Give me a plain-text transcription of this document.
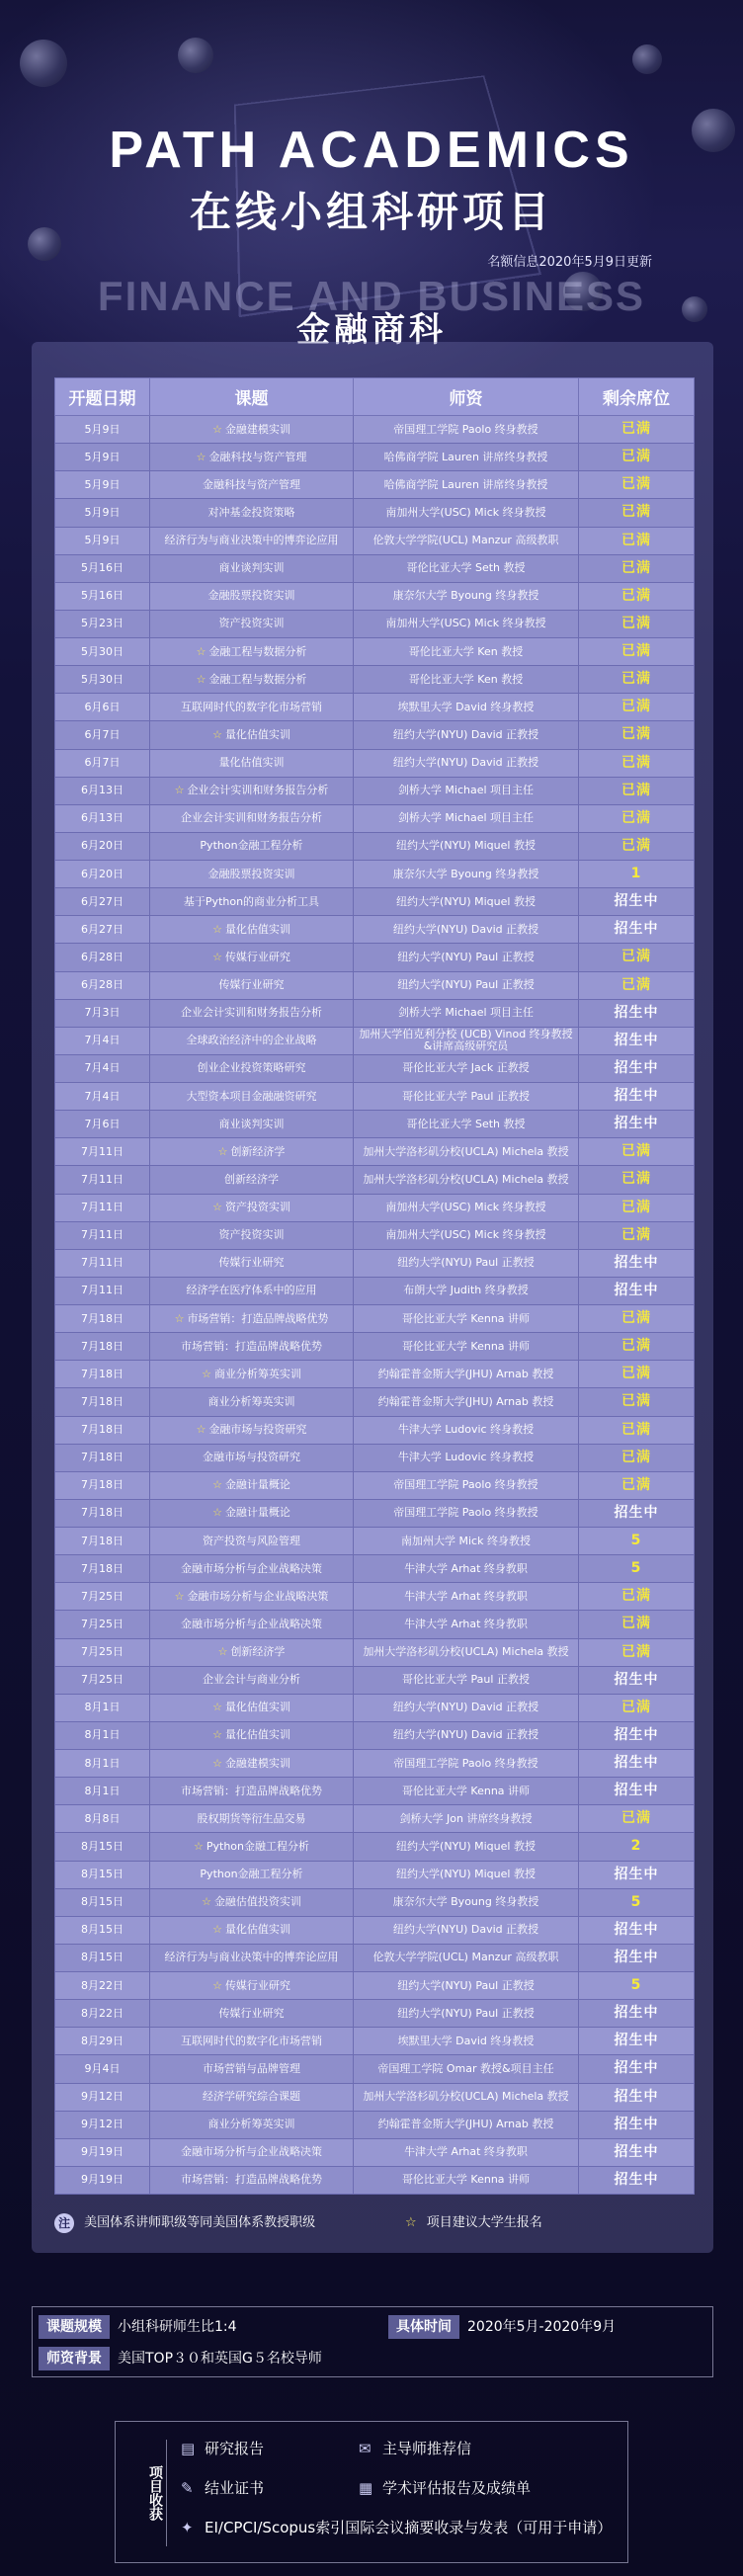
PATH ACADEMICS
在线小组科研项目
名额信息2020年5月9日更新
FINANCE AND BUSINESS
金融商科
开题日期	课题	师资	剩余席位
5月9日	☆ 金融建模实训	帝国理工学院 Paolo 终身教授	已满
5月9日	☆ 金融科技与资产管理	哈佛商学院 Lauren 讲席终身教授	已满
5月9日	金融科技与资产管理	哈佛商学院 Lauren 讲席终身教授	已满
5月9日	对冲基金投资策略	南加州大学(USC) Mick 终身教授	已满
5月9日	经济行为与商业决策中的博弈论应用	伦敦大学学院(UCL) Manzur 高级教职	已满
5月16日	商业谈判实训	哥伦比亚大学 Seth 教授	已满
5月16日	金融股票投资实训	康奈尔大学 Byoung 终身教授	已满
5月23日	资产投资实训	南加州大学(USC) Mick 终身教授	已满
5月30日	☆ 金融工程与数据分析	哥伦比亚大学 Ken 教授	已满
5月30日	☆ 金融工程与数据分析	哥伦比亚大学 Ken 教授	已满
6月6日	互联网时代的数字化市场营销	埃默里大学 David 终身教授	已满
6月7日	☆ 量化估值实训	纽约大学(NYU) David 正教授	已满
6月7日	量化估值实训	纽约大学(NYU) David 正教授	已满
6月13日	☆ 企业会计实训和财务报告分析	剑桥大学 Michael 项目主任	已满
6月13日	企业会计实训和财务报告分析	剑桥大学 Michael 项目主任	已满
6月20日	Python金融工程分析	纽约大学(NYU) Miquel 教授	已满
6月20日	金融股票投资实训	康奈尔大学 Byoung 终身教授	1
6月27日	基于Python的商业分析工具	纽约大学(NYU) Miquel 教授	招生中
6月27日	☆ 量化估值实训	纽约大学(NYU) David 正教授	招生中
6月28日	☆ 传媒行业研究	纽约大学(NYU) Paul 正教授	已满
6月28日	传媒行业研究	纽约大学(NYU) Paul 正教授	已满
7月3日	企业会计实训和财务报告分析	剑桥大学 Michael 项目主任	招生中
7月4日	全球政治经济中的企业战略	加州大学伯克利分校 (UCB) Vinod 终身教授&讲席高级研究员	招生中
7月4日	创业企业投资策略研究	哥伦比亚大学 Jack 正教授	招生中
7月4日	大型资本项目金融融资研究	哥伦比亚大学 Paul 正教授	招生中
7月6日	商业谈判实训	哥伦比亚大学 Seth 教授	招生中
7月11日	☆ 创新经济学	加州大学洛杉矶分校(UCLA) Michela 教授	已满
7月11日	创新经济学	加州大学洛杉矶分校(UCLA) Michela 教授	已满
7月11日	☆ 资产投资实训	南加州大学(USC) Mick 终身教授	已满
7月11日	资产投资实训	南加州大学(USC) Mick 终身教授	已满
7月11日	传媒行业研究	纽约大学(NYU) Paul 正教授	招生中
7月11日	经济学在医疗体系中的应用	布朗大学 Judith 终身教授	招生中
7月18日	☆ 市场营销：打造品牌战略优势	哥伦比亚大学 Kenna 讲师	已满
7月18日	市场营销：打造品牌战略优势	哥伦比亚大学 Kenna 讲师	已满
7月18日	☆ 商业分析筹英实训	约翰霍普金斯大学(JHU) Arnab 教授	已满
7月18日	商业分析筹英实训	约翰霍普金斯大学(JHU) Arnab 教授	已满
7月18日	☆ 金融市场与投资研究	牛津大学 Ludovic 终身教授	已满
7月18日	金融市场与投资研究	牛津大学 Ludovic 终身教授	已满
7月18日	☆ 金融计量概论	帝国理工学院 Paolo 终身教授	已满
7月18日	☆ 金融计量概论	帝国理工学院 Paolo 终身教授	招生中
7月18日	资产投资与风险管理	南加州大学 Mick 终身教授	5
7月18日	金融市场分析与企业战略决策	牛津大学 Arhat 终身教职	5
7月25日	☆ 金融市场分析与企业战略决策	牛津大学 Arhat 终身教职	已满
7月25日	金融市场分析与企业战略决策	牛津大学 Arhat 终身教职	已满
7月25日	☆ 创新经济学	加州大学洛杉矶分校(UCLA) Michela 教授	已满
7月25日	企业会计与商业分析	哥伦比亚大学 Paul 正教授	招生中
8月1日	☆ 量化估值实训	纽约大学(NYU) David 正教授	已满
8月1日	☆ 量化估值实训	纽约大学(NYU) David 正教授	招生中
8月1日	☆ 金融建模实训	帝国理工学院 Paolo 终身教授	招生中
8月1日	市场营销：打造品牌战略优势	哥伦比亚大学 Kenna 讲师	招生中
8月8日	股权期货等衍生品交易	剑桥大学 Jon 讲席终身教授	已满
8月15日	☆ Python金融工程分析	纽约大学(NYU) Miquel 教授	2
8月15日	Python金融工程分析	纽约大学(NYU) Miquel 教授	招生中
8月15日	☆ 金融估值投资实训	康奈尔大学 Byoung 终身教授	5
8月15日	☆ 量化估值实训	纽约大学(NYU) David 正教授	招生中
8月15日	经济行为与商业决策中的博弈论应用	伦敦大学学院(UCL) Manzur 高级教职	招生中
8月22日	☆ 传媒行业研究	纽约大学(NYU) Paul 正教授	5
8月22日	传媒行业研究	纽约大学(NYU) Paul 正教授	招生中
8月29日	互联网时代的数字化市场营销	埃默里大学 David 终身教授	招生中
9月4日	市场营销与品牌管理	帝国理工学院 Omar 教授&项目主任	招生中
9月12日	经济学研究综合课题	加州大学洛杉矶分校(UCLA) Michela 教授	招生中
9月12日	商业分析筹英实训	约翰霍普金斯大学(JHU) Arnab 教授	招生中
9月19日	金融市场分析与企业战略决策	牛津大学 Arhat 终身教职	招生中
9月19日	市场营销：打造品牌战略优势	哥伦比亚大学 Kenna 讲师	招生中
注 美国体系讲师职级等同美国体系教授职级	☆ 项目建议大学生报名
课题规模	小组科研师生比1:4	具体时间	2020年5月-2020年9月
师资背景	美国TOP３０和英国G５名校导师
项目收获
▤ 研究报告	✉ 主导师推荐信
✎ 结业证书	▦ 学术评估报告及成绩单
✦ EI/CPCI/Scopus索引国际会议摘要收录与发表（可用于申请）
